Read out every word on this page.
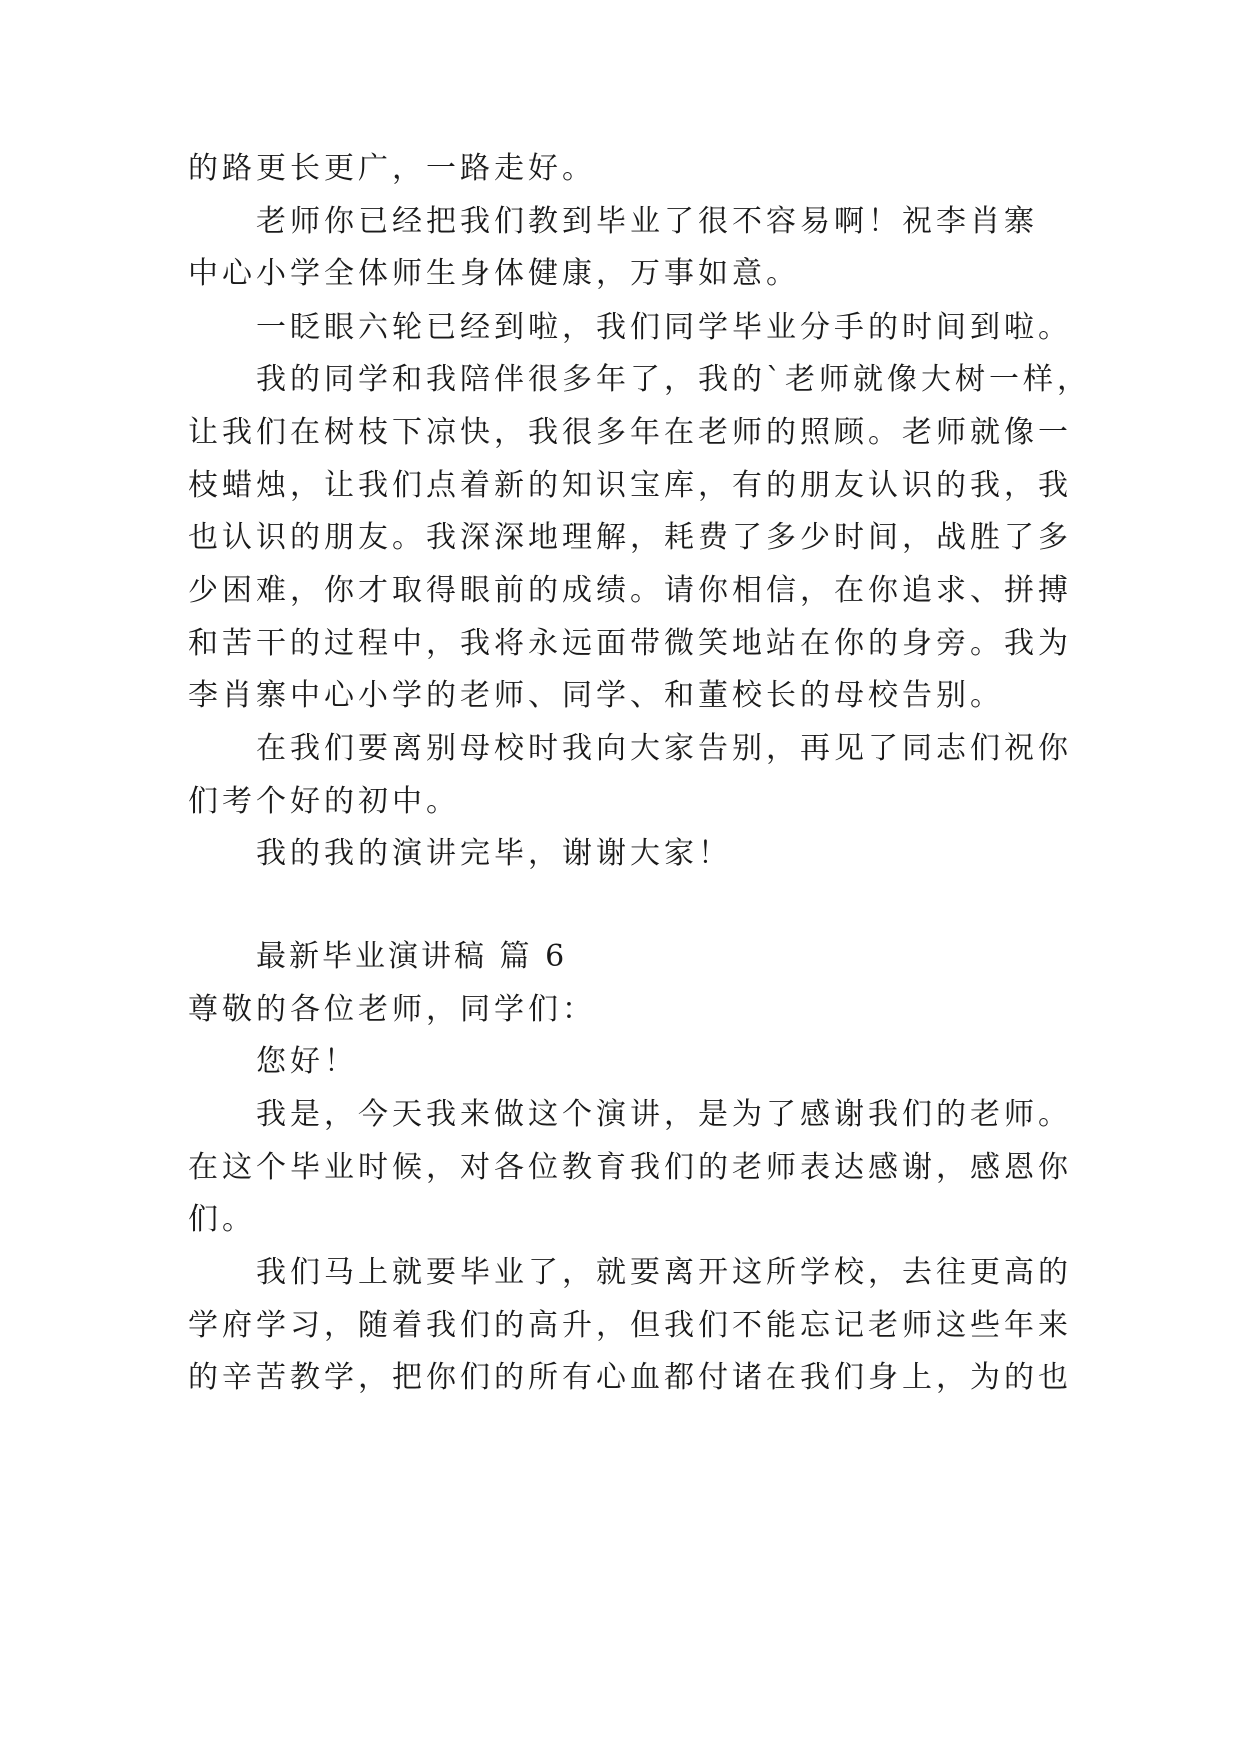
的路更长更广，一路走好。
老师你已经把我们教到毕业了很不容易啊！祝李肖寨
中心小学全体师生身体健康，万事如意。
一眨眼六轮已经到啦，我们同学毕业分手的时间到啦。
我的同学和我陪伴很多年了，我的`老师就像大树一样，
让我们在树枝下凉快，我很多年在老师的照顾。老师就像一
枝蜡烛，让我们点着新的知识宝库，有的朋友认识的我，我
也认识的朋友。我深深地理解，耗费了多少时间，战胜了多
少困难，你才取得眼前的成绩。请你相信，在你追求、拼搏
和苦干的过程中，我将永远面带微笑地站在你的身旁。我为
李肖寨中心小学的老师、同学、和董校长的母校告别。
在我们要离别母校时我向大家告别，再见了同志们祝你
们考个好的初中。
我的我的演讲完毕，谢谢大家！
最新毕业演讲稿 篇 6
尊敬的各位老师，同学们：
您好！
我是，今天我来做这个演讲，是为了感谢我们的老师。
在这个毕业时候，对各位教育我们的老师表达感谢，感恩你
们。
我们马上就要毕业了，就要离开这所学校，去往更高的
学府学习，随着我们的高升，但我们不能忘记老师这些年来
的辛苦教学，把你们的所有心血都付诸在我们身上，为的也
